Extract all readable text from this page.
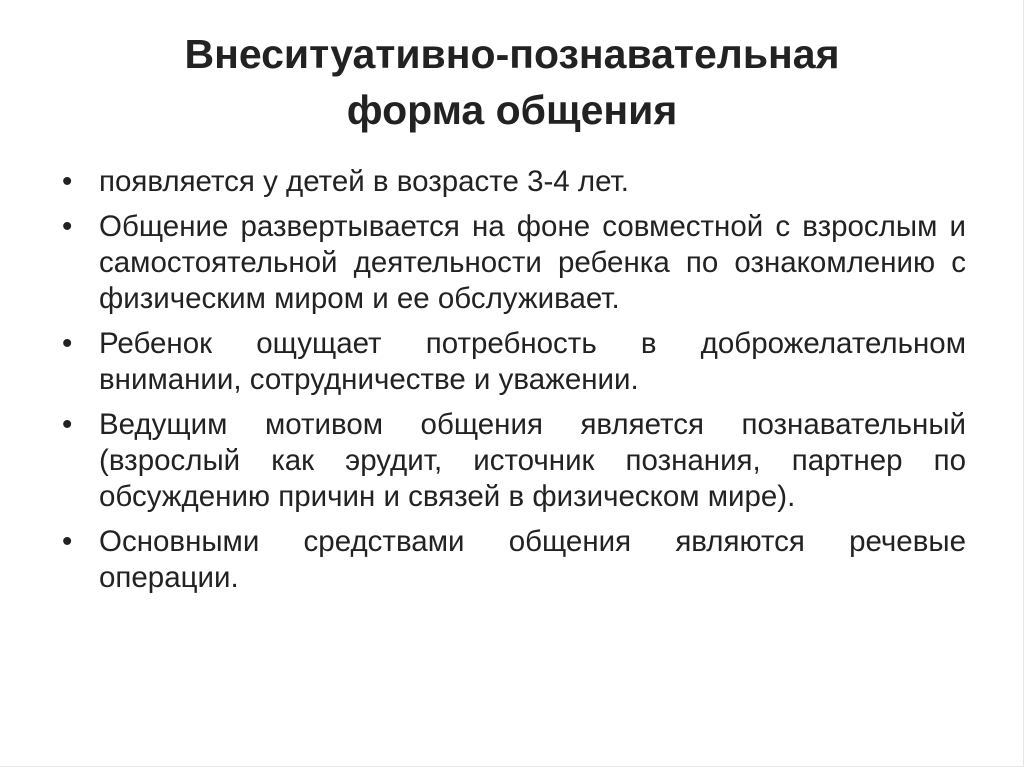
Внеситуативно-познавательная
форма общения
• появляется у детей в возрасте 3-4 лет.
• Общение развертывается на фоне совместной с взрослым и самостоятельной деятельности ребенка по ознакомлению с физическим миром и ее обслуживает.
• Ребенок ощущает потребность в доброжелательном внимании, сотрудничестве и уважении.
• Ведущим мотивом общения является познавательный (взрослый как эрудит, источник познания, партнер по обсуждению причин и связей в физическом мире).
• Основными средствами общения являются речевые операции.
